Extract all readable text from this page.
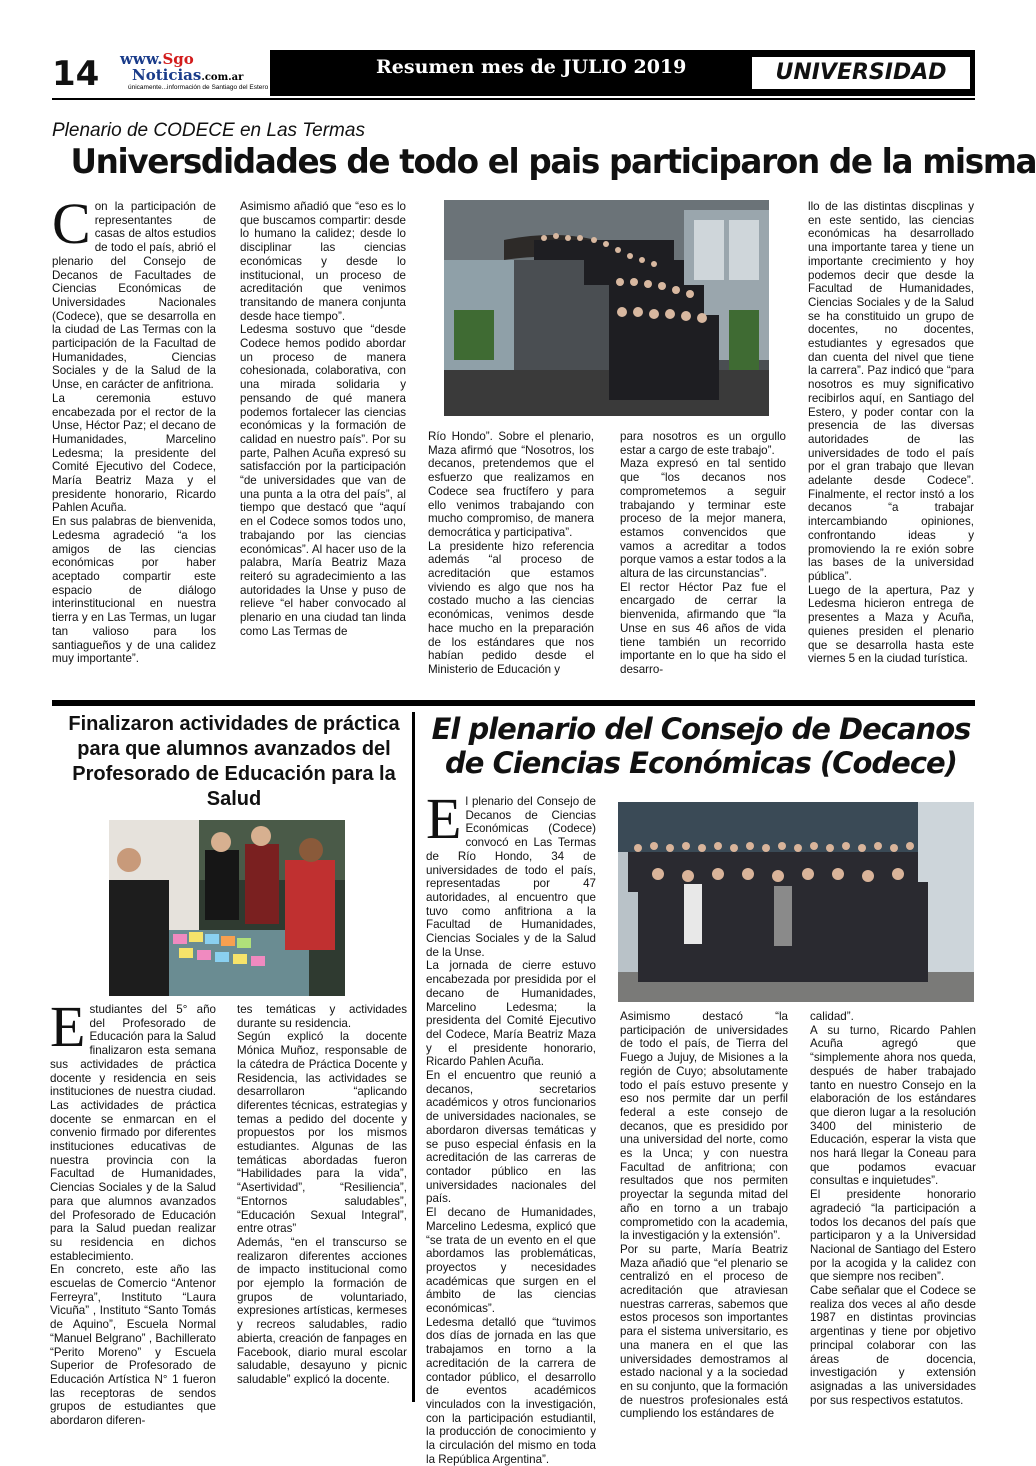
14 www.Sgo
Noticias.com.ar
únicamente...información de Santiago del Estero
Resumen mes de JULIO 2019	UNIVERSIDAD
Plenario de CODECE en Las Termas
Universdidades de todo el pais participaron de la misma
C on la participación de representantes de casas de altos estudios de todo el país, abrió el plenario del Consejo de Decanos de Facultades de Ciencias Económicas de Universidades Nacionales (Codece), que se desarrolla en la ciudad de Las Termas con la participación de la Facultad de Humanidades, Ciencias Sociales y de la Salud de la Unse, en carácter de anfitriona.

La ceremonia estuvo encabezada por el rector de la Unse, Héctor Paz; el decano de Humanidades, Marcelino Ledesma; la presidente del Comité Ejecutivo del Codece, María Beatriz Maza y el presidente honorario, Ricardo Pahlen Acuña.

En sus palabras de bienvenida, Ledesma agradeció “a los amigos de las ciencias económicas por haber aceptado compartir este espacio de diálogo interinstitucional en nuestra tierra y en Las Termas, un lugar tan valioso para los santiagueños y de una calidez muy importante”.

Asimismo añadió que “eso es lo que buscamos compartir: desde lo humano la calidez; desde lo disciplinar las ciencias económicas y desde lo institucional, un proceso de acreditación que venimos transitando de manera conjunta desde hace tiempo”.

Ledesma sostuvo que “desde Codece hemos podido abordar un proceso de manera cohesionada, colaborativa, con una mirada solidaria y pensando de qué manera podemos fortalecer las ciencias económicas y la formación de calidad en nuestro país”. Por su parte, Palhen Acuña expresó su satisfacción por la participación “de universidades que van de una punta a la otra del país”, al tiempo que destacó que “aquí en el Codece somos todos uno, trabajando por las ciencias económicas”. Al hacer uso de la palabra, María Beatriz Maza reiteró su agradecimiento a las autoridades la Unse y puso de relieve “el haber convocado al plenario en una ciudad tan linda como Las Termas de

Río Hondo”. Sobre el plenario, Maza afirmó que “Nosotros, los decanos, pretendemos que el esfuerzo que realizamos en Codece sea fructífero y para ello venimos trabajando con mucho compromiso, de manera democrática y participativa”.

La presidente hizo referencia además “al proceso de acreditación que estamos viviendo es algo que nos ha costado mucho a las ciencias económicas, venimos desde hace mucho en la preparación de los estándares que nos habían pedido desde el Ministerio de Educación y

para nosotros es un orgullo estar a cargo de este trabajo”.

Maza expresó en tal sentido que “los decanos nos comprometemos a seguir trabajando y terminar este proceso de la mejor manera, estamos convencidos que vamos a acreditar a todos porque vamos a estar todos a la altura de las circunstancias”.

El rector Héctor Paz fue el encargado de cerrar la bienvenida, afirmando que “la Unse en sus 46 años de vida tiene también un recorrido importante en lo que ha sido el desarro-

llo de las distintas discplinas y en este sentido, las ciencias económicas ha desarrollado una importante tarea y tiene un importante crecimiento y hoy podemos decir que desde la Facultad de Humanidades, Ciencias Sociales y de la Salud se ha constituido un grupo de docentes, no docentes, estudiantes y egresados que dan cuenta del nivel que tiene la carrera”. Paz indicó que “para nosotros es muy significativo recibirlos aquí, en Santiago del Estero, y poder contar con la presencia de las diversas autoridades de las universidades de todo el país por el gran trabajo que llevan adelante desde Codece”. Finalmente, el rector instó a los decanos “a trabajar intercambiando opiniones, confrontando ideas y promoviendo la re exión sobre las bases de la universidad pública”.

Luego de la apertura, Paz y Ledesma hicieron entrega de presentes a Maza y Acuña, quienes presiden el plenario que se desarrolla hasta este viernes 5 en la ciudad turística.

Finalizaron actividades de práctica para que alumnos avanzados del Profesorado de Educación para la Salud
E studiantes del 5° año del Profesorado de Educación para la Salud finalizaron esta semana sus actividades de práctica docente y residencia en seis instituciones de nuestra ciudad. Las actividades de práctica docente se enmarcan en el convenio firmado por diferentes instituciones educativas de nuestra provincia con la Facultad de Humanidades, Ciencias Sociales y de la Salud para que alumnos avanzados del Profesorado de Educación para la Salud puedan realizar su residencia en dichos establecimiento.

En concreto, este año las escuelas de Comercio “Antenor Ferreyra”, Instituto “Laura Vicuña” , Instituto “Santo Tomás de Aquino”, Escuela Normal “Manuel Belgrano” , Bachillerato “Perito Moreno” y Escuela Superior de Profesorado de Educación Artística N° 1 fueron las receptoras de sendos grupos de estudiantes que abordaron diferen-

tes temáticas y actividades durante su residencia.

Según explicó la docente Mónica Muñoz, responsable de la cátedra de Práctica Docente y Residencia, las actividades se desarrollaron “aplicando diferentes técnicas, estrategias y temas a pedido del docente y propuestos por los mismos estudiantes. Algunas de las temáticas abordadas fueron “Habilidades para la vida”, “Asertividad”, “Resiliencia”, “Entornos saludables”, “Educación Sexual Integral”, entre otras”

Además, “en el transcurso se realizaron diferentes acciones de impacto institucional como por ejemplo la formación de grupos de voluntariado, expresiones artísticas, kermeses y recreos saludables, radio abierta, creación de fanpages en Facebook, diario mural escolar saludable, desayuno y picnic saludable” explicó la docente.

El plenario del Consejo de Decanos de Ciencias Económicas (Codece)
E l plenario del Consejo de Decanos de Ciencias Económicas (Codece) convocó en Las Termas de Río Hondo, 34 de universidades de todo el país, representadas por 47 autoridades, al encuentro que tuvo como anfitriona a la Facultad de Humanidades, Ciencias Sociales y de la Salud de la Unse.

La jornada de cierre estuvo encabezada por presidida por el decano de Humanidades, Marcelino Ledesma; la presidenta del Comité Ejecutivo del Codece, María Beatriz Maza y el presidente honorario, Ricardo Pahlen Acuña.

En el encuentro que reunió a decanos, secretarios académicos y otros funcionarios de universidades nacionales, se abordaron diversas temáticas y se puso especial énfasis en la acreditación de las carreras de contador público en las universidades nacionales del país.

El decano de Humanidades, Marcelino Ledesma, explicó que “se trata de un evento en el que abordamos las problemáticas, proyectos y necesidades académicas que surgen en el ámbito de las ciencias económicas”.

Ledesma detalló que “tuvimos dos días de jornada en las que trabajamos en torno a la acreditación de la carrera de contador público, el desarrollo de eventos académicos vinculados con la investigación, con la participación estudiantil, la producción de conocimiento y la circulación del mismo en toda la República Argentina”.

Asimismo destacó “la participación de universidades de todo el país, de Tierra del Fuego a Jujuy, de Misiones a la región de Cuyo; absolutamente todo el país estuvo presente y eso nos permite dar un perfil federal a este consejo de decanos, que es presidido por una universidad del norte, como es la Unca; y con nuestra Facultad de anfitriona; con resultados que nos permiten proyectar la segunda mitad del año en torno a un trabajo comprometido con la academia, la investigación y la extensión”.

Por su parte, María Beatriz Maza añadió que “el plenario se centralizó en el proceso de acreditación que atraviesan nuestras carreras, sabemos que estos procesos son importantes para el sistema universitario, es una manera en el que las universidades demostramos al estado nacional y a la sociedad en su conjunto, que la formación de nuestros profesionales está cumpliendo los estándares de

calidad”.

A su turno, Ricardo Pahlen Acuña agregó que “simplemente ahora nos queda, después de haber trabajado tanto en nuestro Consejo en la elaboración de los estándares que dieron lugar a la resolución 3400 del ministerio de Educación, esperar la vista que nos hará llegar la Coneau para que podamos evacuar consultas e inquietudes”.

El presidente honorario agradeció “la participación a todos los decanos del país que participaron y a la Universidad Nacional de Santiago del Estero por la acogida y la calidez con que siempre nos reciben”.

Cabe señalar que el Codece se realiza dos veces al año desde 1987 en distintas provincias argentinas y tiene por objetivo principal colaborar con las áreas de docencia, investigación y extensión asignadas a las universidades por sus respectivos estatutos.
